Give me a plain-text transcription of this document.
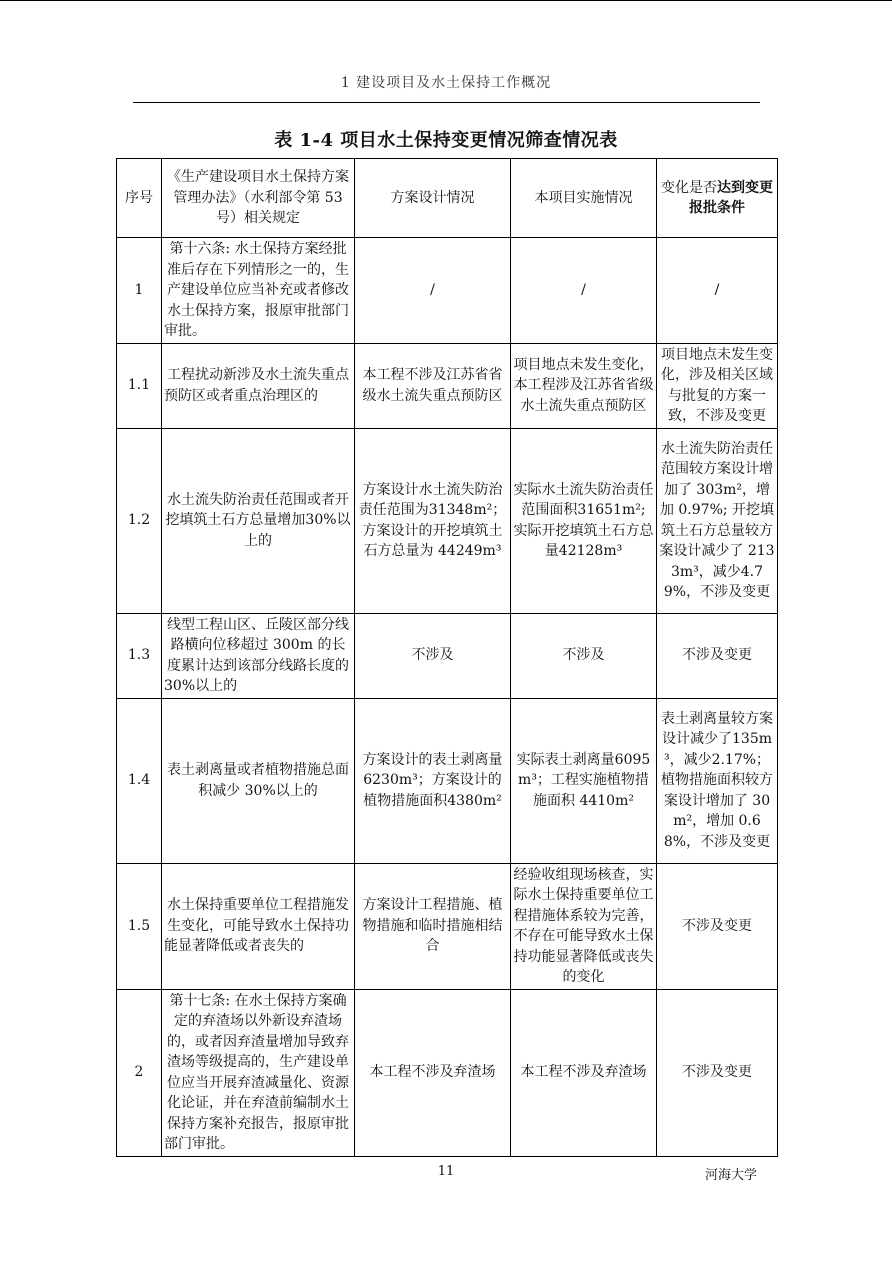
1 建设项目及水土保持工作概况
表 1-4 项目水土保持变更情况筛查情况表
序号	《生产建设项目水土保持方案管理办法》（水利部令第 53 号）相关规定	方案设计情况	本项目实施情况	变化是否达到变更报批条件
1	第十六条: 水土保持方案经批准后存在下列情形之一的，生产建设单位应当补充或者修改水土保持方案，报原审批部门审批。	/	/	/
1.1	工程扰动新涉及水土流失重点预防区或者重点治理区的	本工程不涉及江苏省省级水土流失重点预防区	项目地点未发生变化，本工程涉及江苏省省级水土流失重点预防区	项目地点未发生变化，涉及相关区域与批复的方案一致，不涉及变更
1.2	水土流失防治责任范围或者开挖填筑土石方总量增加30%以上的	方案设计水土流失防治责任范围为31348m²；方案设计的开挖填筑土石方总量为 44249m³	实际水土流失防治责任范围面积31651m²; 实际开挖填筑土石方总量42128m³	水土流失防治责任范围较方案设计增加了 303m²，增加 0.97%; 开挖填筑土石方总量较方案设计减少了 2133m³，减少4.79%，不涉及变更
1.3	线型工程山区、丘陵区部分线路横向位移超过 300m 的长度累计达到该部分线路长度的 30%以上的	不涉及	不涉及	不涉及变更
1.4	表土剥离量或者植物措施总面积减少 30%以上的	方案设计的表土剥离量 6230m³；方案设计的植物措施面积4380m²	实际表土剥离量6095m³；工程实施植物措施面积 4410m²	表土剥离量较方案设计减少了135m³，减少2.17%；植物措施面积较方案设计增加了 30m²，增加 0.68%，不涉及变更
1.5	水土保持重要单位工程措施发生变化，可能导致水土保持功能显著降低或者丧失的	方案设计工程措施、植物措施和临时措施相结合	经验收组现场核查，实际水土保持重要单位工程措施体系较为完善，不存在可能导致水土保持功能显著降低或丧失的变化	不涉及变更
2	第十七条: 在水土保持方案确定的弃渣场以外新设弃渣场的，或者因弃渣量增加导致弃渣场等级提高的，生产建设单位应当开展弃渣减量化、资源化论证，并在弃渣前编制水土保持方案补充报告，报原审批部门审批。	本工程不涉及弃渣场	本工程不涉及弃渣场	不涉及变更
11	河海大学
